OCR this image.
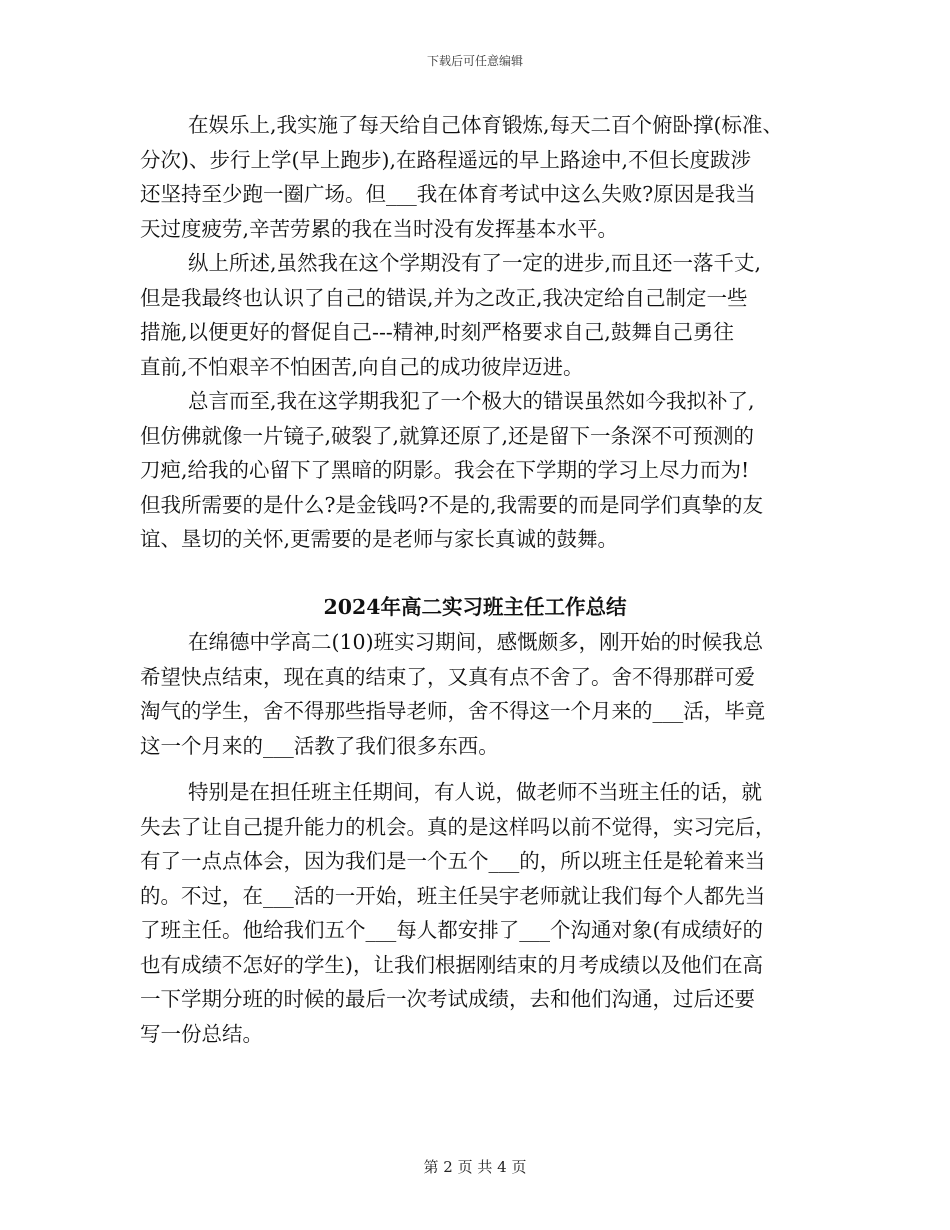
下载后可任意编辑
在娱乐上,我实施了每天给自己体育锻炼,每天二百个俯卧撑(标准、
分次)、步行上学(早上跑步),在路程遥远的早上路途中,不但长度跋涉
还坚持至少跑一圈广场。但___我在体育考试中这么失败?原因是我当
天过度疲劳,辛苦劳累的我在当时没有发挥基本水平。
纵上所述,虽然我在这个学期没有了一定的进步,而且还一落千丈,
但是我最终也认识了自己的错误,并为之改正,我决定给自己制定一些
措施,以便更好的督促自己---精神,时刻严格要求自己,鼓舞自己勇往
直前,不怕艰辛不怕困苦,向自己的成功彼岸迈进。
总言而至,我在这学期我犯了一个极大的错误虽然如今我拟补了,
但仿佛就像一片镜子,破裂了,就算还原了,还是留下一条深不可预测的
刀疤,给我的心留下了黑暗的阴影。我会在下学期的学习上尽力而为!
但我所需要的是什么?是金钱吗?不是的,我需要的而是同学们真挚的友
谊、垦切的关怀,更需要的是老师与家长真诚的鼓舞。
2024年高二实习班主任工作总结
在绵德中学高二(10)班实习期间，感慨颇多，刚开始的时候我总
希望快点结束，现在真的结束了，又真有点不舍了。舍不得那群可爱
淘气的学生，舍不得那些指导老师，舍不得这一个月来的___活，毕竟
这一个月来的___活教了我们很多东西。
特别是在担任班主任期间，有人说，做老师不当班主任的话，就
失去了让自己提升能力的机会。真的是这样吗以前不觉得，实习完后，
有了一点点体会，因为我们是一个五个___的，所以班主任是轮着来当
的。不过，在___活的一开始，班主任吴宇老师就让我们每个人都先当
了班主任。他给我们五个___每人都安排了___个沟通对象(有成绩好的
也有成绩不怎好的学生)，让我们根据刚结束的月考成绩以及他们在高
一下学期分班的时候的最后一次考试成绩，去和他们沟通，过后还要
写一份总结。
第 2 页 共 4 页
